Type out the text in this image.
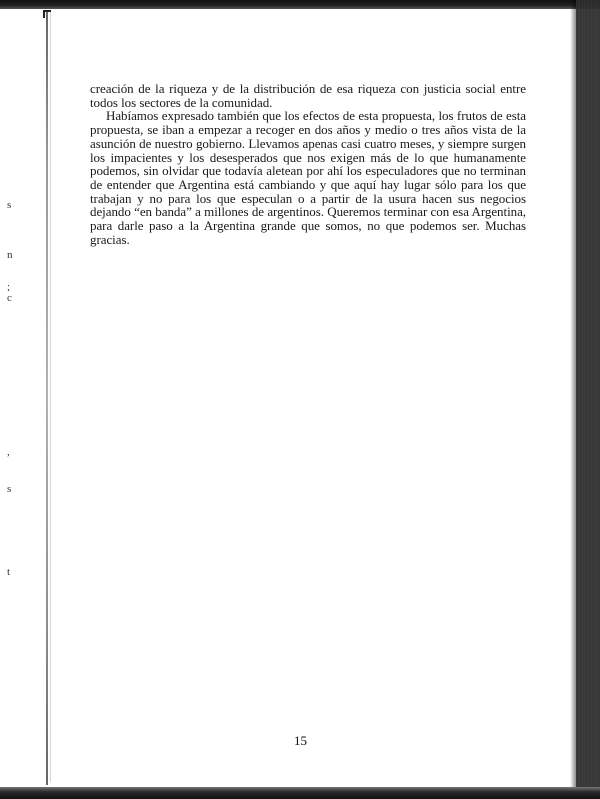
s
n
;
c
,
s
t

creación de la riqueza y de la distribución de esa riqueza con justicia social entre todos los sectores de la comunidad.

Habíamos expresado también que los efectos de esta propuesta, los frutos de esta propuesta, se iban a empezar a recoger en dos años y medio o tres años vista de la asunción de nuestro gobierno. Llevamos apenas casi cuatro meses, y siempre surgen los impacientes y los desesperados que nos exigen más de lo que humanamente podemos, sin olvidar que todavía aletean por ahí los especuladores que no terminan de entender que Argentina está cambiando y que aquí hay lugar sólo para los que trabajan y no para los que especulan o a partir de la usura hacen sus negocios dejando “en banda” a millones de argentinos. Queremos terminar con esa Argentina, para darle paso a la Argentina grande que somos, no que podemos ser. Muchas gracias.

15
